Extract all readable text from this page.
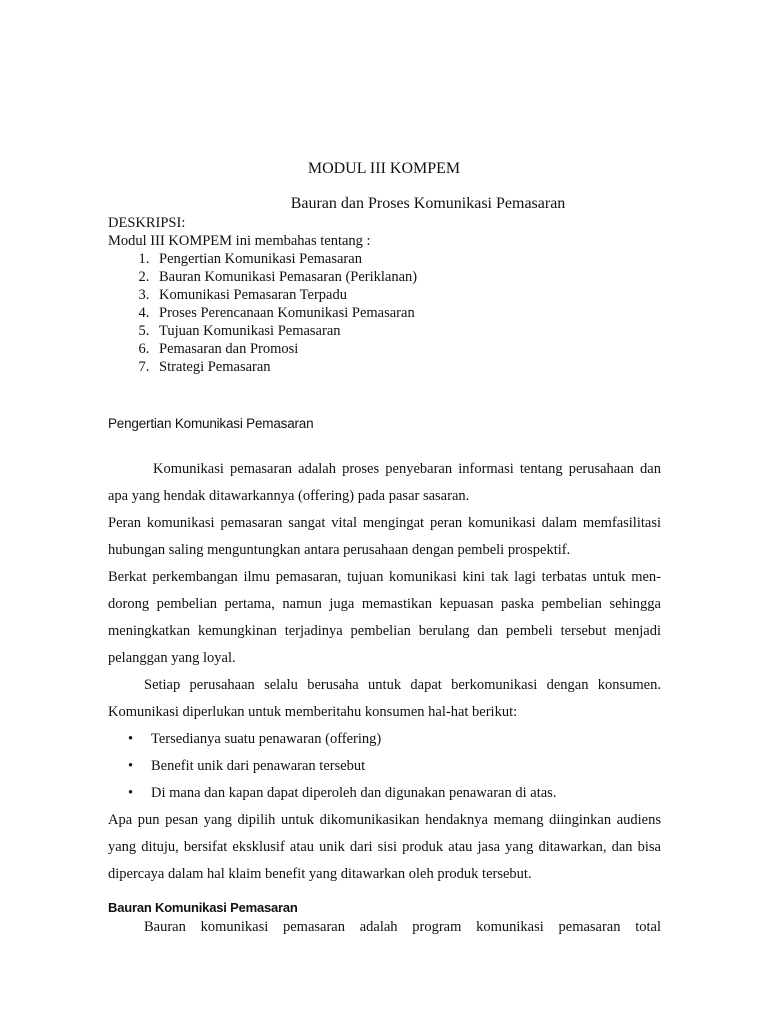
MODUL III KOMPEM
Bauran dan Proses Komunikasi Pemasaran

DESKRIPSI:

Modul III KOMPEM ini membahas tentang :

1. Pengertian Komunikasi Pemasaran
2. Bauran Komunikasi Pemasaran (Periklanan)
3. Komunikasi Pemasaran Terpadu
4. Proses Perencanaan Komunikasi Pemasaran
5. Tujuan Komunikasi Pemasaran
6. Pemasaran dan Promosi
7. Strategi Pemasaran
Pengertian Komunikasi Pemasaran

Komunikasi pemasaran adalah proses penyebaran informasi tentang perusahaan dan apa yang hendak ditawarkannya (offering) pada pasar sasaran.

Peran komunikasi pemasaran sangat vital mengingat peran komunikasi dalam memfasilitasi hubungan saling menguntungkan antara perusahaan dengan pembeli prospektif.

Berkat perkembangan ilmu pemasaran, tujuan komunikasi kini tak lagi terbatas untuk men-dorong pembelian pertama, namun juga memastikan kepuasan paska pembelian sehingga meningkatkan kemungkinan terjadinya pembelian berulang dan pembeli tersebut menjadi pelanggan yang loyal.

Setiap perusahaan selalu berusaha untuk dapat berkomunikasi dengan konsumen. Komunikasi diperlukan untuk memberitahu konsumen hal-hat berikut:

• Tersedianya suatu penawaran (offering)
• Benefit unik dari penawaran tersebut
• Di mana dan kapan dapat diperoleh dan digunakan penawaran di atas.

Apa pun pesan yang dipilih untuk dikomunikasikan hendaknya memang diinginkan audiens yang dituju, bersifat eksklusif atau unik dari sisi produk atau jasa yang ditawarkan, dan bisa dipercaya dalam hal klaim benefit yang ditawarkan oleh produk tersebut.

Bauran Komunikasi Pemasaran

Bauran komunikasi pemasaran adalah program komunikasi pemasaran total
